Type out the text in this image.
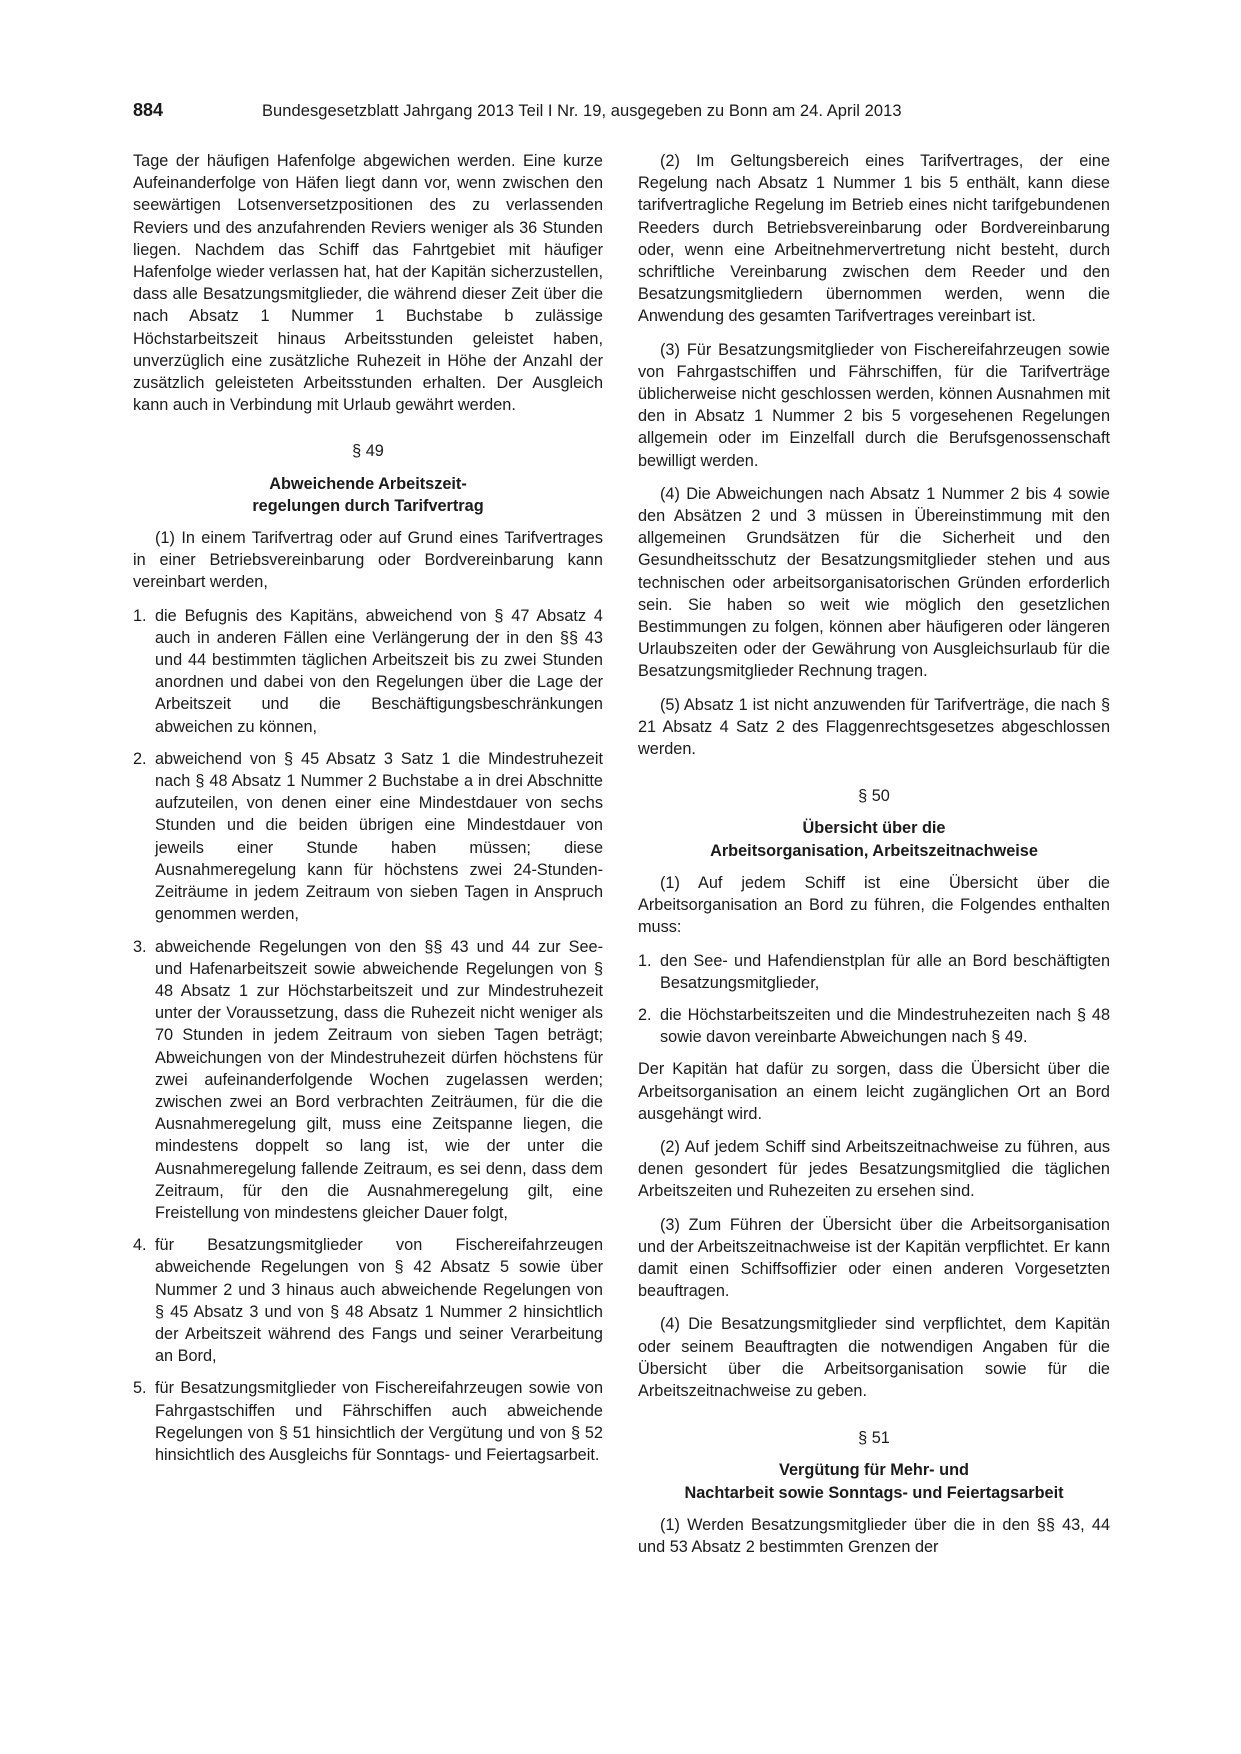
884	Bundesgesetzblatt Jahrgang 2013 Teil I Nr. 19, ausgegeben zu Bonn am 24. April 2013

Tage der häufigen Hafenfolge abgewichen werden. Eine kurze Aufeinanderfolge von Häfen liegt dann vor, wenn zwischen den seewärtigen Lotsenversetzpositionen des zu verlassenden Reviers und des anzufahrenden Reviers weniger als 36 Stunden liegen. Nachdem das Schiff das Fahrtgebiet mit häufiger Hafenfolge wieder verlassen hat, hat der Kapitän sicherzustellen, dass alle Besatzungsmitglieder, die während dieser Zeit über die nach Absatz 1 Nummer 1 Buchstabe b zulässige Höchstarbeitszeit hinaus Arbeitsstunden geleistet haben, unverzüglich eine zusätzliche Ruhezeit in Höhe der Anzahl der zusätzlich geleisteten Arbeitsstunden erhalten. Der Ausgleich kann auch in Verbindung mit Urlaub gewährt werden.

§ 49
Abweichende Arbeitszeit-
regelungen durch Tarifvertrag

(1) In einem Tarifvertrag oder auf Grund eines Tarifvertrages in einer Betriebsvereinbarung oder Bordvereinbarung kann vereinbart werden,

1. die Befugnis des Kapitäns, abweichend von § 47 Absatz 4 auch in anderen Fällen eine Verlängerung der in den §§ 43 und 44 bestimmten täglichen Arbeitszeit bis zu zwei Stunden anordnen und dabei von den Regelungen über die Lage der Arbeitszeit und die Beschäftigungsbeschränkungen abweichen zu können,
2. abweichend von § 45 Absatz 3 Satz 1 die Mindestruhezeit nach § 48 Absatz 1 Nummer 2 Buchstabe a in drei Abschnitte aufzuteilen, von denen einer eine Mindestdauer von sechs Stunden und die beiden übrigen eine Mindestdauer von jeweils einer Stunde haben müssen; diese Ausnahmeregelung kann für höchstens zwei 24-Stunden-Zeiträume in jedem Zeitraum von sieben Tagen in Anspruch genommen werden,
3. abweichende Regelungen von den §§ 43 und 44 zur See- und Hafenarbeitszeit sowie abweichende Regelungen von § 48 Absatz 1 zur Höchstarbeitszeit und zur Mindestruhezeit unter der Voraussetzung, dass die Ruhezeit nicht weniger als 70 Stunden in jedem Zeitraum von sieben Tagen beträgt; Abweichungen von der Mindestruhezeit dürfen höchstens für zwei aufeinanderfolgende Wochen zugelassen werden; zwischen zwei an Bord verbrachten Zeiträumen, für die die Ausnahmeregelung gilt, muss eine Zeitspanne liegen, die mindestens doppelt so lang ist, wie der unter die Ausnahmeregelung fallende Zeitraum, es sei denn, dass dem Zeitraum, für den die Ausnahmeregelung gilt, eine Freistellung von mindestens gleicher Dauer folgt,
4. für Besatzungsmitglieder von Fischereifahrzeugen abweichende Regelungen von § 42 Absatz 5 sowie über Nummer 2 und 3 hinaus auch abweichende Regelungen von § 45 Absatz 3 und von § 48 Absatz 1 Nummer 2 hinsichtlich der Arbeitszeit während des Fangs und seiner Verarbeitung an Bord,
5. für Besatzungsmitglieder von Fischereifahrzeugen sowie von Fahrgastschiffen und Fährschiffen auch abweichende Regelungen von § 51 hinsichtlich der Vergütung und von § 52 hinsichtlich des Ausgleichs für Sonntags- und Feiertagsarbeit.

(2) Im Geltungsbereich eines Tarifvertrages, der eine Regelung nach Absatz 1 Nummer 1 bis 5 enthält, kann diese tarifvertragliche Regelung im Betrieb eines nicht tarifgebundenen Reeders durch Betriebsvereinbarung oder Bordvereinbarung oder, wenn eine Arbeitnehmervertretung nicht besteht, durch schriftliche Vereinbarung zwischen dem Reeder und den Besatzungsmitgliedern übernommen werden, wenn die Anwendung des gesamten Tarifvertrages vereinbart ist.

(3) Für Besatzungsmitglieder von Fischereifahrzeugen sowie von Fahrgastschiffen und Fährschiffen, für die Tarifverträge üblicherweise nicht geschlossen werden, können Ausnahmen mit den in Absatz 1 Nummer 2 bis 5 vorgesehenen Regelungen allgemein oder im Einzelfall durch die Berufsgenossenschaft bewilligt werden.

(4) Die Abweichungen nach Absatz 1 Nummer 2 bis 4 sowie den Absätzen 2 und 3 müssen in Übereinstimmung mit den allgemeinen Grundsätzen für die Sicherheit und den Gesundheitsschutz der Besatzungsmitglieder stehen und aus technischen oder arbeitsorganisatorischen Gründen erforderlich sein. Sie haben so weit wie möglich den gesetzlichen Bestimmungen zu folgen, können aber häufigeren oder längeren Urlaubszeiten oder der Gewährung von Ausgleichsurlaub für die Besatzungsmitglieder Rechnung tragen.

(5) Absatz 1 ist nicht anzuwenden für Tarifverträge, die nach § 21 Absatz 4 Satz 2 des Flaggenrechtsgesetzes abgeschlossen werden.

§ 50
Übersicht über die
Arbeitsorganisation, Arbeitszeitnachweise

(1) Auf jedem Schiff ist eine Übersicht über die Arbeitsorganisation an Bord zu führen, die Folgendes enthalten muss:

1. den See- und Hafendienstplan für alle an Bord beschäftigten Besatzungsmitglieder,
2. die Höchstarbeitszeiten und die Mindestruhezeiten nach § 48 sowie davon vereinbarte Abweichungen nach § 49.

Der Kapitän hat dafür zu sorgen, dass die Übersicht über die Arbeitsorganisation an einem leicht zugänglichen Ort an Bord ausgehängt wird.

(2) Auf jedem Schiff sind Arbeitszeitnachweise zu führen, aus denen gesondert für jedes Besatzungsmitglied die täglichen Arbeitszeiten und Ruhezeiten zu ersehen sind.

(3) Zum Führen der Übersicht über die Arbeitsorganisation und der Arbeitszeitnachweise ist der Kapitän verpflichtet. Er kann damit einen Schiffsoffizier oder einen anderen Vorgesetzten beauftragen.

(4) Die Besatzungsmitglieder sind verpflichtet, dem Kapitän oder seinem Beauftragten die notwendigen Angaben für die Übersicht über die Arbeitsorganisation sowie für die Arbeitszeitnachweise zu geben.

§ 51
Vergütung für Mehr- und
Nachtarbeit sowie Sonntags- und Feiertagsarbeit

(1) Werden Besatzungsmitglieder über die in den §§ 43, 44 und 53 Absatz 2 bestimmten Grenzen der
